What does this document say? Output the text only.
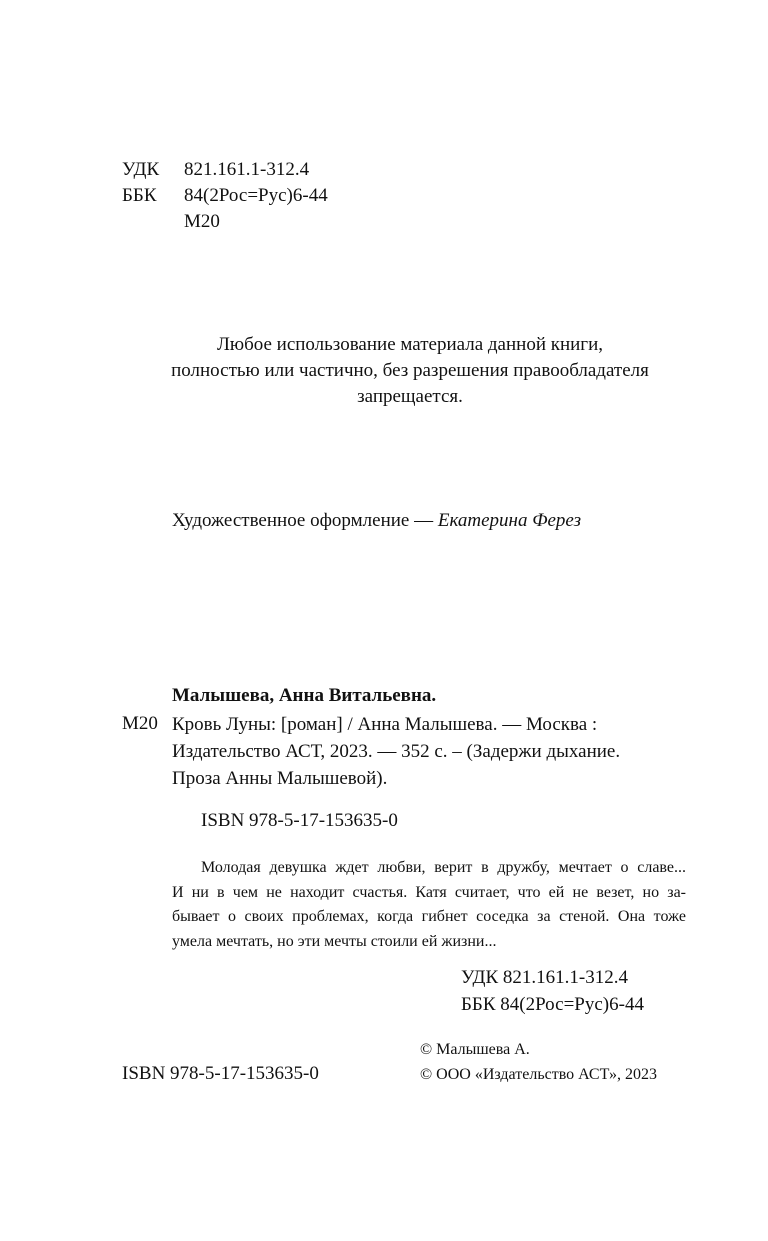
УДК 821.161.1-312.4
ББК 84(2Рос=Рус)6-44
М20
Любое использование материала данной книги,
полностью или частично, без разрешения правообладателя
запрещается.
Художественное оформление — Екатерина Ферез
Малышева, Анна Витальевна.
М20 Кровь Луны: [роман] / Анна Малышева. — Москва :
Издательство АСТ, 2023. — 352 с. – (Задержи дыхание.
Проза Анны Малышевой).
ISBN 978-5-17-153635-0
Молодая девушка ждет любви, верит в дружбу, мечтает о славе...
И ни в чем не находит счастья. Катя считает, что ей не везет, но за-
бывает о своих проблемах, когда гибнет соседка за стеной. Она тоже
умела мечтать, но эти мечты стоили ей жизни...
УДК 821.161.1-312.4
ББК 84(2Рос=Рус)6-44
© Малышева А.
© ООО «Издательство АСТ», 2023
ISBN 978-5-17-153635-0
